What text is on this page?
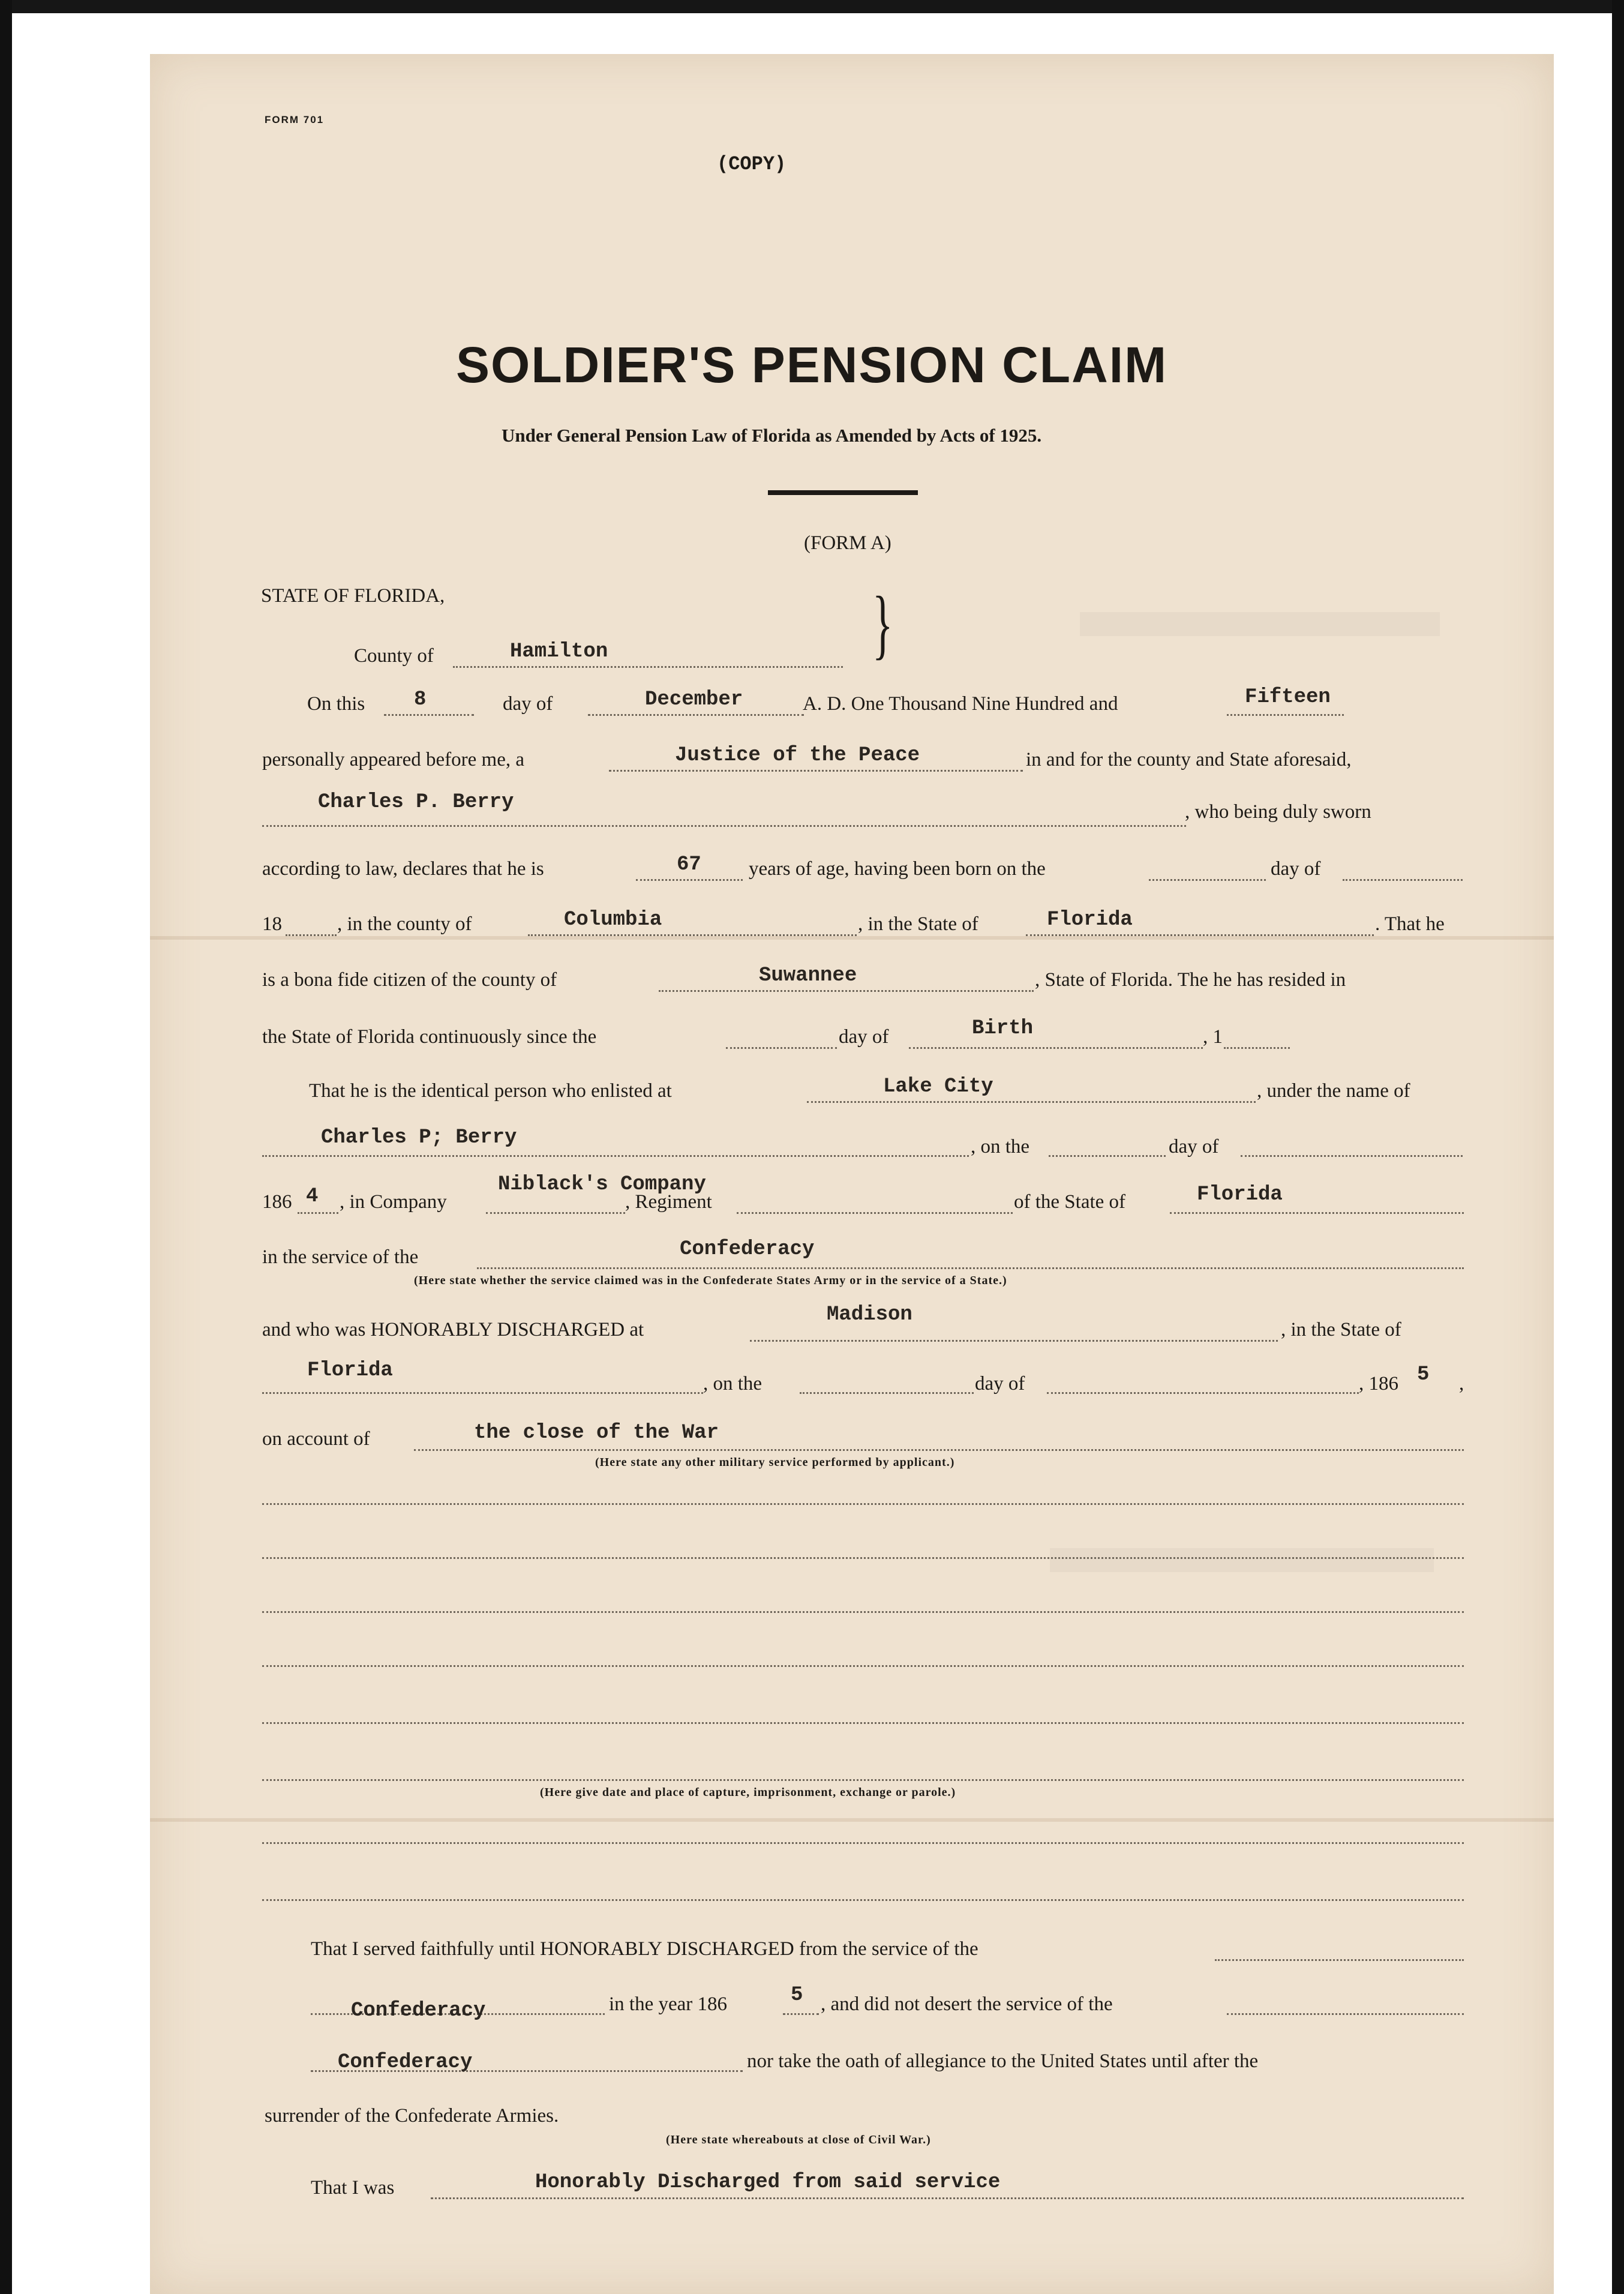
FORM 701
(COPY)
SOLDIER'S PENSION CLAIM
Under General Pension Law of Florida as Amended by Acts of 1925.
(FORM A)
STATE OF FLORIDA,	}
County of	Hamilton
On this 8	day of	December	A. D. One Thousand Nine Hundred and	Fifteen
personally appeared before me, a	Justice of the Peace	in and for the county and State aforesaid,
Charles P. Berry	, who being duly sworn
according to law, declares that he is	67 years of age, having been born on the	day of
18	, in the county of	Columbia	, in the State of	Florida	. That he
is a bona fide citizen of the county of	Suwannee	, State of Florida. The he has resided in
the State of Florida continuously since the	day of	Birth	, 1
That he is the identical person who enlisted at	Lake City	, under the name of
Charles P; Berry	, on the	day of
186 4 , in Company
Niblack's Company
, Regiment	of the State of	Florida
in the service of the	Confederacy
(Here state whether the service claimed was in the Confederate States Army or in the service of a State.)
and who was HONORABLY DISCHARGED at
Madison
, in the State of
Florida
, on the	day of	, 186 5 ,
on account of	the close of the War
(Here state any other military service performed by applicant.)
(Here give date and place of capture, imprisonment, exchange or parole.)
That I served faithfully until HONORABLY DISCHARGED from the service of the
Confederacy	in the year 186	5 , and did not desert the service of the
Confederacy	nor take the oath of allegiance to the United States until after the
surrender of the Confederate Armies.
(Here state whereabouts at close of Civil War.)
That I was	Honorably Discharged from said service
